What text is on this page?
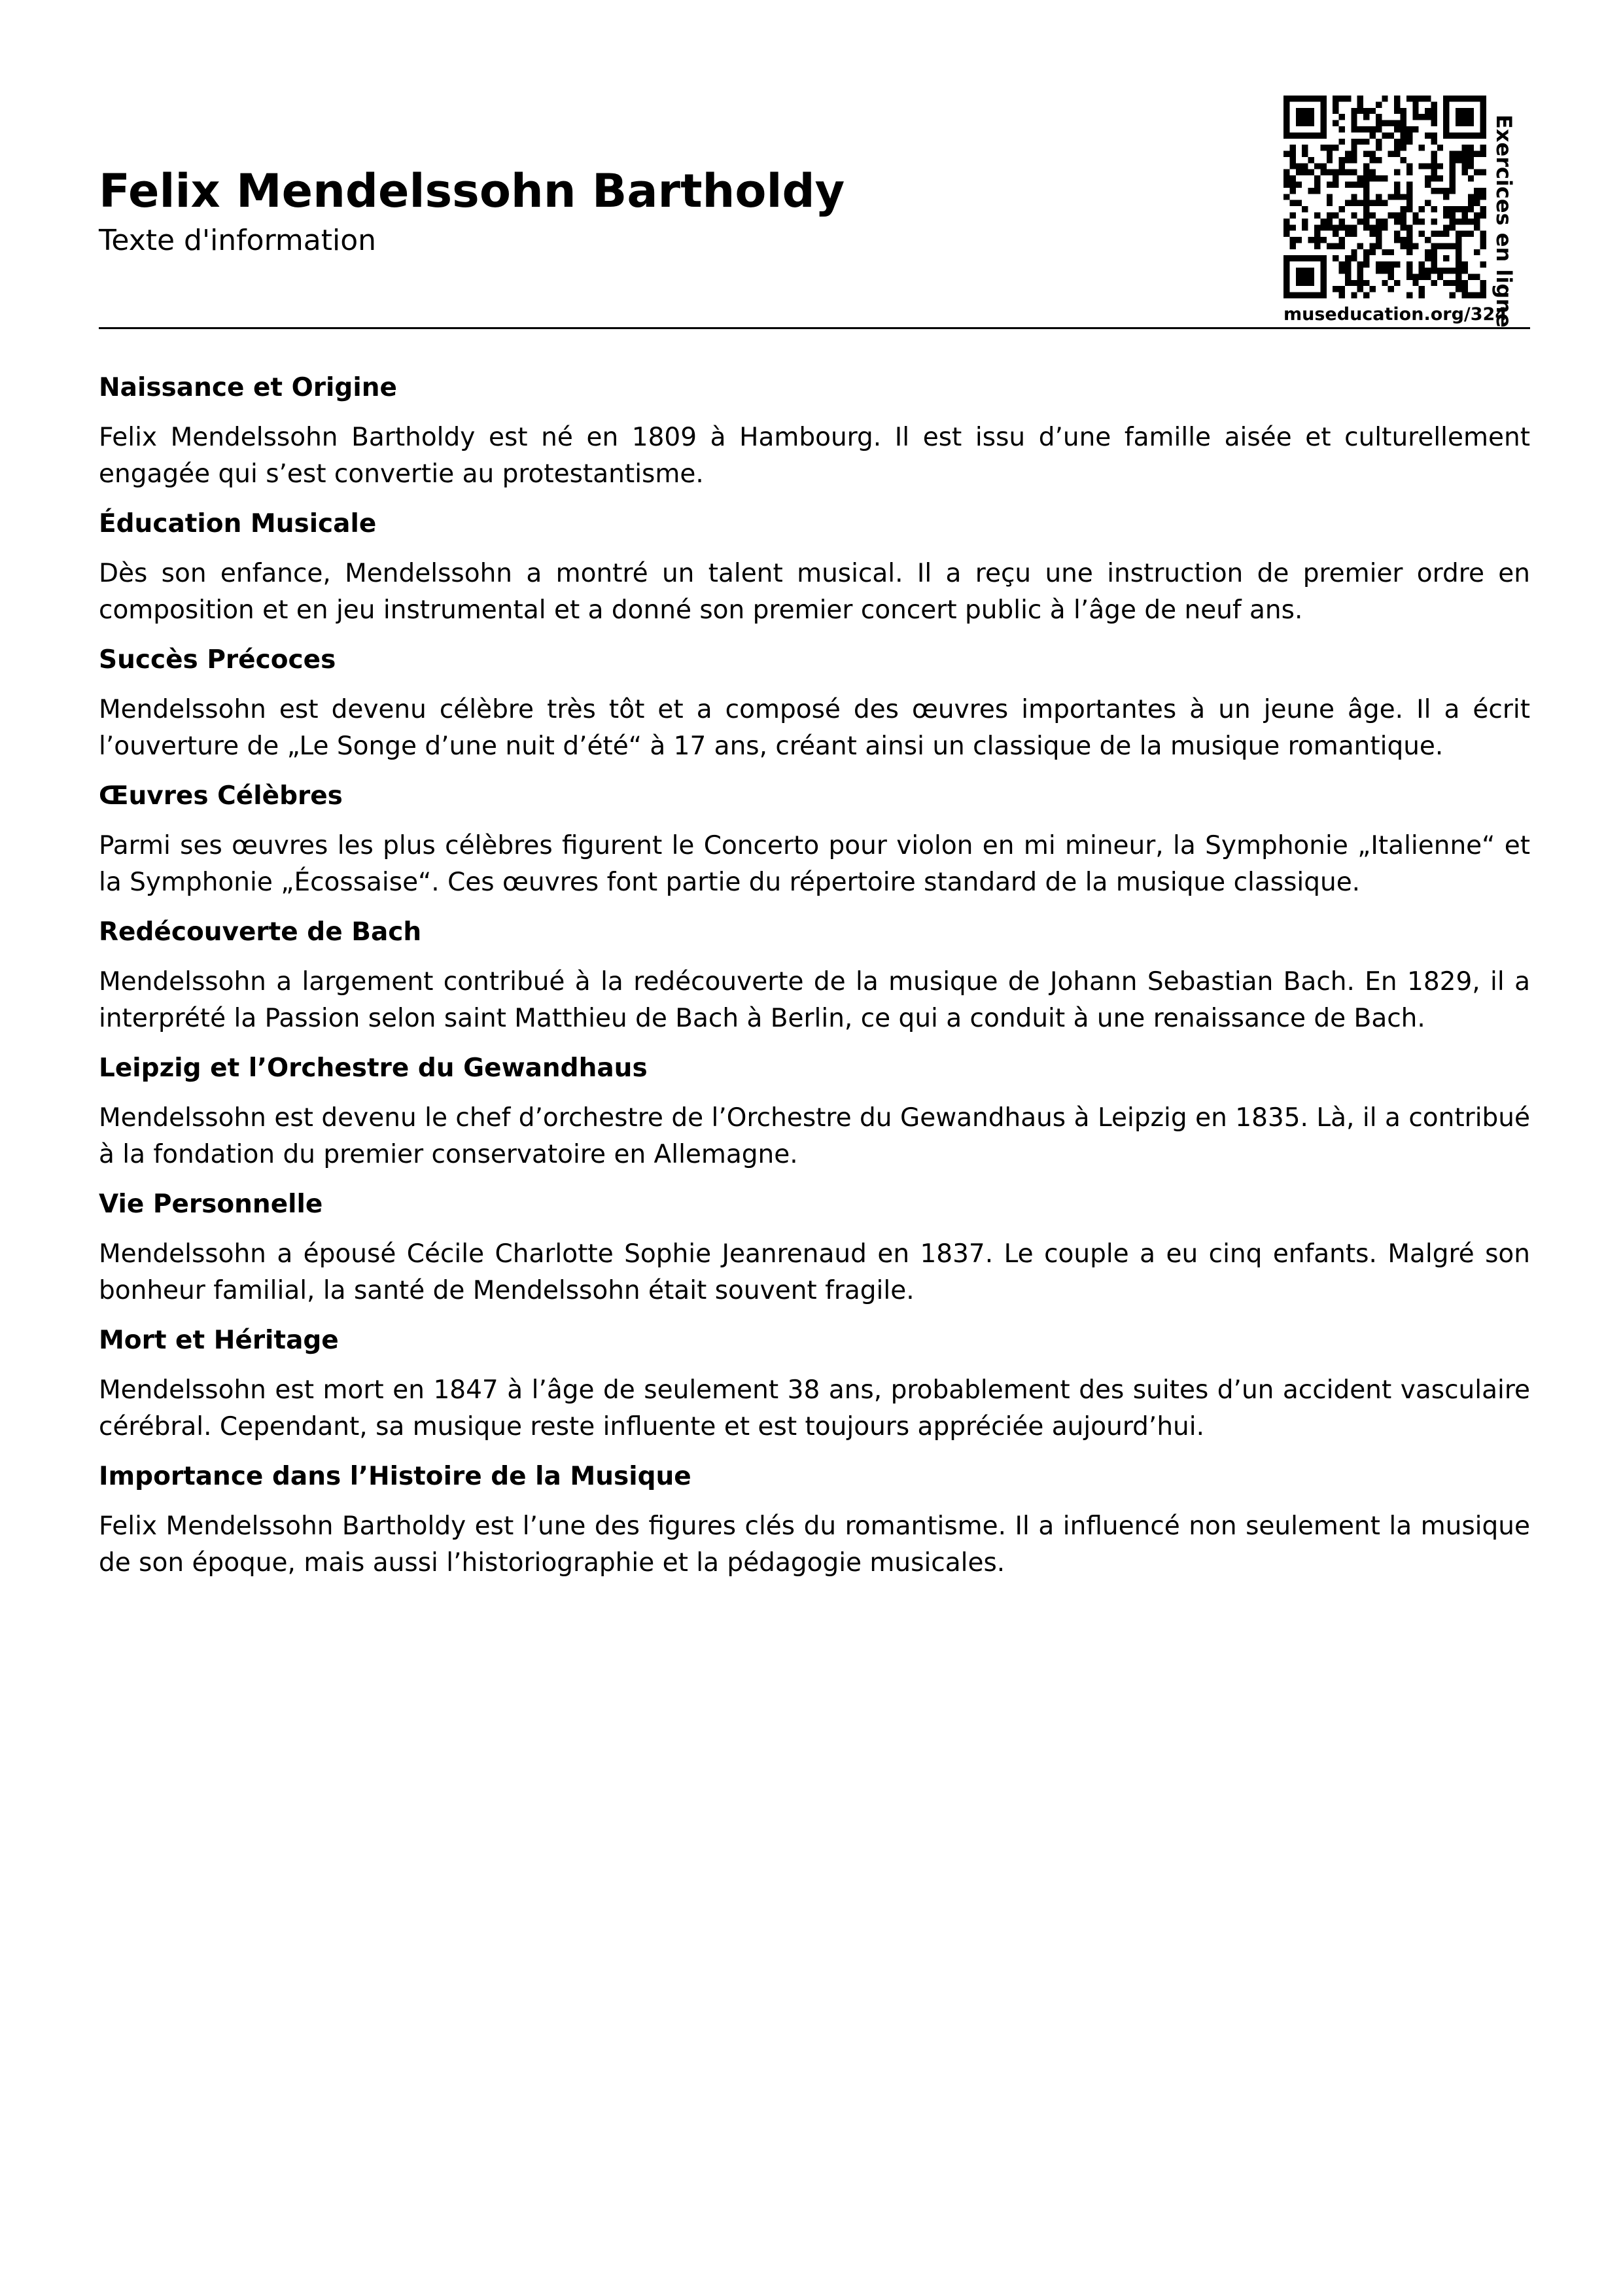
Felix Mendelssohn Bartholdy

Texte d'information

museducation.org/324
Exercices en ligne
Naissance et Origine

Felix Mendelssohn Bartholdy est né en 1809 à Hambourg. Il est issu d’une famille aisée et culturellement engagée qui s’est convertie au protestantisme.

Éducation Musicale

Dès son enfance, Mendelssohn a montré un talent musical. Il a reçu une instruction de premier ordre en composition et en jeu instrumental et a donné son premier concert public à l’âge de neuf ans.

Succès Précoces

Mendelssohn est devenu célèbre très tôt et a composé des œuvres importantes à un jeune âge. Il a écrit l’ouverture de „Le Songe d’une nuit d’été“ à 17 ans, créant ainsi un classique de la musique romantique.

Œuvres Célèbres

Parmi ses œuvres les plus célèbres figurent le Concerto pour violon en mi mineur, la Symphonie „Italienne“ et la Symphonie „Écossaise“. Ces œuvres font partie du répertoire standard de la musique classique.

Redécouverte de Bach

Mendelssohn a largement contribué à la redécouverte de la musique de Johann Sebastian Bach. En 1829, il a interprété la Passion selon saint Matthieu de Bach à Berlin, ce qui a conduit à une renaissance de Bach.

Leipzig et l’Orchestre du Gewandhaus

Mendelssohn est devenu le chef d’orchestre de l’Orchestre du Gewandhaus à Leipzig en 1835. Là, il a contribué à la fondation du premier conservatoire en Allemagne.

Vie Personnelle

Mendelssohn a épousé Cécile Charlotte Sophie Jeanrenaud en 1837. Le couple a eu cinq enfants. Malgré son bonheur familial, la santé de Mendelssohn était souvent fragile.

Mort et Héritage

Mendelssohn est mort en 1847 à l’âge de seulement 38 ans, probablement des suites d’un accident vasculaire cérébral. Cependant, sa musique reste influente et est toujours appréciée aujourd’hui.

Importance dans l’Histoire de la Musique

Felix Mendelssohn Bartholdy est l’une des figures clés du romantisme. Il a influencé non seulement la musique de son époque, mais aussi l’historiographie et la pédagogie musicales.
